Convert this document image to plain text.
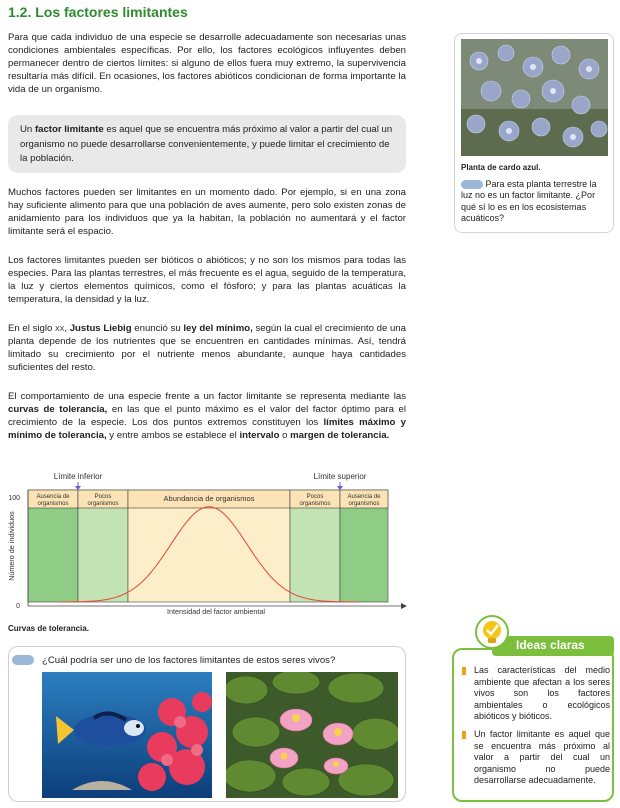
1.2. Los factores limitantes

Para que cada individuo de una especie se desarrolle adecuadamente son necesarias unas condiciones ambientales específicas. Por ello, los factores ecológicos influyentes deben permanecer dentro de ciertos límites: si alguno de ellos fuera muy extremo, la supervivencia resultaría más difícil. En ocasiones, los factores abióticos condicionan de forma importante la vida de un organismo.

Un factor limitante es aquel que se encuentra más próximo al valor a partir del cual un organismo no puede desarrollarse convenientemente, y puede limitar el crecimiento de la población.

Muchos factores pueden ser limitantes en un momento dado. Por ejemplo, si en una zona hay suficiente alimento para que una población de aves aumente, pero solo existen zonas de anidamiento para los individuos que ya la habitan, la población no aumentará y el factor limitante será el espacio.

Los factores limitantes pueden ser bióticos o abióticos; y no son los mismos para todas las especies. Para las plantas terrestres, el más frecuente es el agua, seguido de la temperatura, la luz y ciertos elementos químicos, como el fósforo; y para las plantas acuáticas la temperatura, la densidad y la luz.

En el siglo xx, Justus Liebig enunció su ley del mínimo, según la cual el crecimiento de una planta depende de los nutrientes que se encuentren en cantidades mínimas. Así, tendrá limitado su crecimiento por el nutriente menos abundante, aunque haya cantidades suficientes del resto.

El comportamiento de una especie frente a un factor limitante se representa mediante las curvas de tolerancia, en las que el punto máximo es el valor del factor óptimo para el crecimiento de la especie. Los dos puntos extremos constituyen los límites máximo y mínimo de tolerancia, y entre ambos se establece el intervalo o margen de tolerancia.

Planta de cardo azul.
Para esta planta terrestre la luz no es un factor limitante. ¿Por qué sí lo es en los ecosistemas acuáticos?
Ausencia de
organismos
Pocos
organismos
Abundancia de organismos	Pocos
organismos
Ausencia de
organismos
100
0
Intensidad del factor ambiental
Número de individuos
Límite inferior	Límite superior
Curvas de tolerancia.
¿Cuál podría ser uno de los factores limitantes de estos seres vivos?
Ideas claras
Las características del medio ambiente que afectan a los seres vivos son los factores ambientales o ecológicos abióticos y bióticos.
Un factor limitante es aquel que se encuentra más próximo al valor a partir del cual un organismo no puede desarrollarse adecuadamente.
